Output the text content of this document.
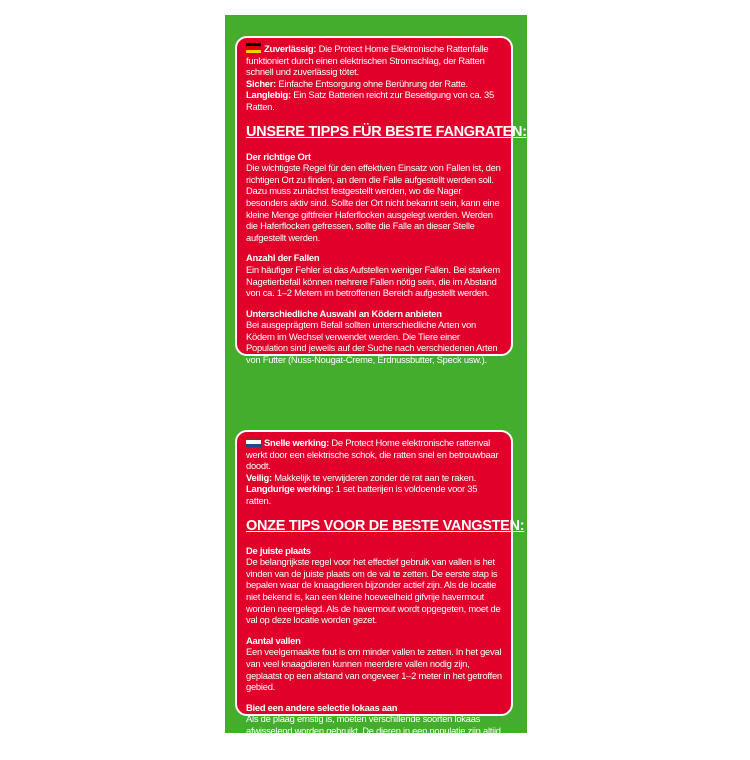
Zuverlässig: Die Protect Home Elektronische Rattenfalle funktioniert durch einen elektrischen Stromschlag, der Ratten schnell und zuverlässig tötet.

Sicher: Einfache Entsorgung ohne Berührung der Ratte.

Langlebig: Ein Satz Batterien reicht zur Beseitigung von ca. 35 Ratten.

UNSERE TIPPS FÜR BESTE FANGRATEN:
Der richtige Ort

Die wichtigste Regel für den effektiven Einsatz von Fallen ist, den richtigen Ort zu finden, an dem die Falle aufgestellt werden soll. Dazu muss zunächst festgestellt werden, wo die Nager besonders aktiv sind. Sollte der Ort nicht bekannt sein, kann eine kleine Menge giftfreier Haferflocken ausgelegt werden. Werden die Haferflocken gefressen, sollte die Falle an dieser Stelle aufgestellt werden.

Anzahl der Fallen

Ein häufiger Fehler ist das Aufstellen weniger Fallen. Bei starkem Nagetierbefall können mehrere Fallen nötig sein, die im Abstand von ca. 1–2 Metern im betroffenen Bereich aufgestellt werden.

Unterschiedliche Auswahl an Ködern anbieten

Bei ausgeprägtem Befall sollten unterschiedliche Arten von Ködern im Wechsel verwendet werden. Die Tiere einer Population sind jeweils auf der Suche nach verschiedenen Arten von Futter (Nuss-Nougat-Creme, Erdnussbutter, Speck usw.).

Snelle werking: De Protect Home elektronische rattenval werkt door een elektrische schok, die ratten snel en betrouwbaar doodt.

Veilig: Makkelijk te verwijderen zonder de rat aan te raken.

Langdurige werking: 1 set batterijen is voldoende voor 35 ratten.

ONZE TIPS VOOR DE BESTE VANGSTEN:
De juiste plaats

De belangrijkste regel voor het effectief gebruik van vallen is het vinden van de juiste plaats om de val te zetten. De eerste stap is bepalen waar de knaagdieren bijzonder actief zijn. Als de locatie niet bekend is, kan een kleine hoeveelheid gifvrije havermout worden neergelegd. Als de havermout wordt opgegeten, moet de val op deze locatie worden gezet.

Aantal vallen

Een veelgemaakte fout is om minder vallen te zetten. In het geval van veel knaagdieren kunnen meerdere vallen nodig zijn, geplaatst op een afstand van ongeveer 1–2 meter in het getroffen gebied.

Bied een andere selectie lokaas aan

Als de plaag ernstig is, moeten verschillende soorten lokaas afwisselend worden gebruikt. De dieren in een populatie zijn altijd op zoek naar verschillende soorten voedsel (noten-nougatcrème, pindakaas, spek, enz.).
